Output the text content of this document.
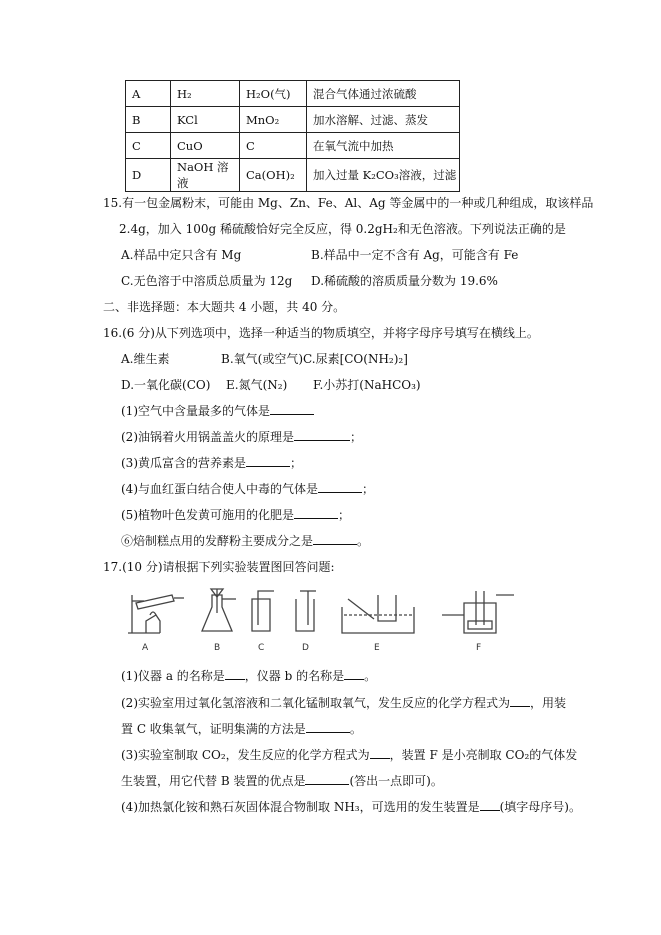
A	H₂	H₂O(气)	混合气体通过浓硫酸
B	KCl	MnO₂	加水溶解、过滤、蒸发
C	CuO	C	在氧气流中加热
D	NaOH 溶液	Ca(OH)₂	加入过量 K₂CO₃溶液，过滤
15.有一包金属粉末，可能由 Mg、Zn、Fe、Al、Ag 等金属中的一种或几种组成，取该样品
2.4g，加入 100g 稀硫酸恰好完全反应，得 0.2gH₂和无色溶液。下列说法正确的是
A.样品中定只含有 Mg	B.样品中一定不含有 Ag，可能含有 Fe
C.无色溶于中溶质总质量为 12g D.稀硫酸的溶质质量分数为 19.6%
二、非选择题：本大题共 4 小题，共 40 分。
16.(6 分)从下列选项中，选择一种适当的物质填空，并将字母序号填写在横线上。
A.维生素	B.氧气(或空气) C.尿素[CO(NH₂)₂]
D.一氧化碳(CO) E.氮气(N₂) F.小苏打(NaHCO₃)
(1)空气中含量最多的气体是
(2)油锅着火用锅盖盖火的原理是	；
(3)黄瓜富含的营养素是	；
(4)与血红蛋白结合使人中毒的气体是	；
(5)植物叶色发黄可施用的化肥是	；
⑥焙制糕点用的发酵粉主要成分之是	。
17.(10 分)请根据下列实验装置图回答问题:
A	B	C	D	E	F
(1)仪器 a 的名称是 ，仪器 b 的名称是 。
(2)实验室用过氧化氢溶液和二氧化锰制取氧气，发生反应的化学方程式为 ，用装
置 C 收集氧气，证明集满的方法是	。
(3)实验室制取 CO₂，发生反应的化学方程式为 ，装置 F 是小亮制取 CO₂的气体发
生装置，用它代替 B 装置的优点是	(答出一点即可)。
(4)加热氯化铵和熟石灰固体混合物制取 NH₃，可选用的发生装置是 (填字母序号)。
